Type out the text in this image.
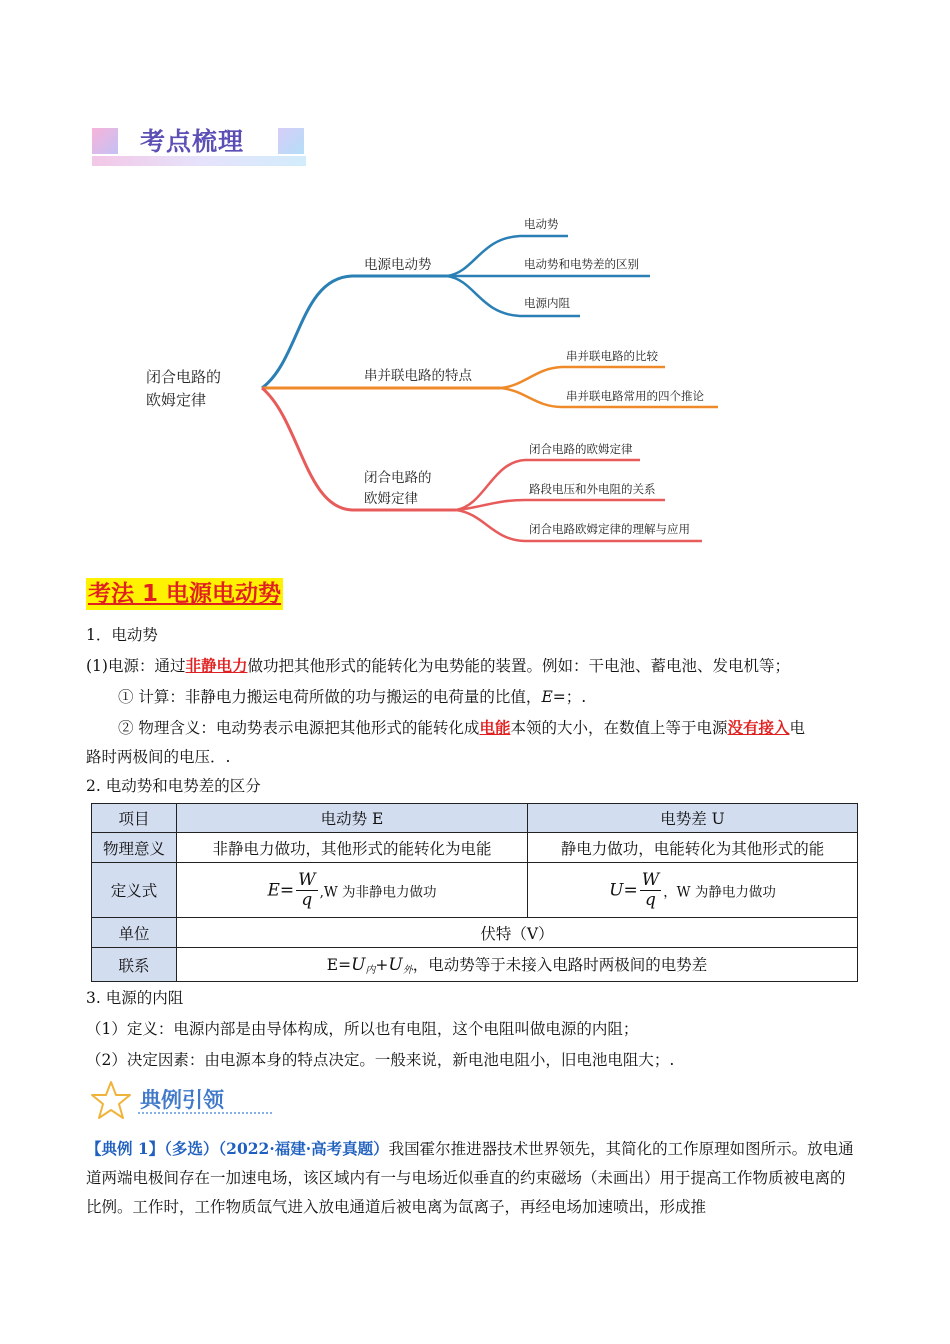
考点梳理
闭合电路的
欧姆定律
电源电动势
电动势
电动势和电势差的区别
电源内阻
串并联电路的特点
串并联电路的比较
串并联电路常用的四个推论
闭合电路的
欧姆定律
闭合电路的欧姆定律
路段电压和外电阻的关系
闭合电路欧姆定律的理解与应用
考法 1 电源电动势
1．电动势
(1)电源：通过非静电力做功把其他形式的能转化为电势能的装置。例如：干电池、蓄电池、发电机等；
① 计算：非静电力搬运电荷所做的功与搬运的电荷量的比值，E=；.
② 物理含义：电动势表示电源把其他形式的能转化成电能本领的大小，在数值上等于电源没有接入电
路时两极间的电压．.
2. 电动势和电势差的区分
项目	电动势 E	电势差 U
物理意义	非静电力做功，其他形式的能转化为电能	静电力做功，电能转化为其他形式的能
定义式	$E= \frac{W}{q} ,W$ 为非静电力做功	$U= \frac{W}{q}$ ，W 为静电力做功
单位	伏特（V）	
联系	$E=U_内+U_外$，电动势等于未接入电路时两极间的电势差	
3. 电源的内阻
（1）定义：电源内部是由导体构成，所以也有电阻，这个电阻叫做电源的内阻；
（2）决定因素：由电源本身的特点决定。一般来说，新电池电阻小，旧电池电阻大；.
典例引领
【典例 1】（多选）（2022·福建·高考真题）我国霍尔推进器技术世界领先，其简化的工作原理如图所示。放电通道两端电极间存在一加速电场，该区域内有一与电场近似垂直的约束磁场（未画出）用于提高工作物质被电离的比例。工作时，工作物质氙气进入放电通道后被电离为氙离子，再经电场加速喷出，形成推
